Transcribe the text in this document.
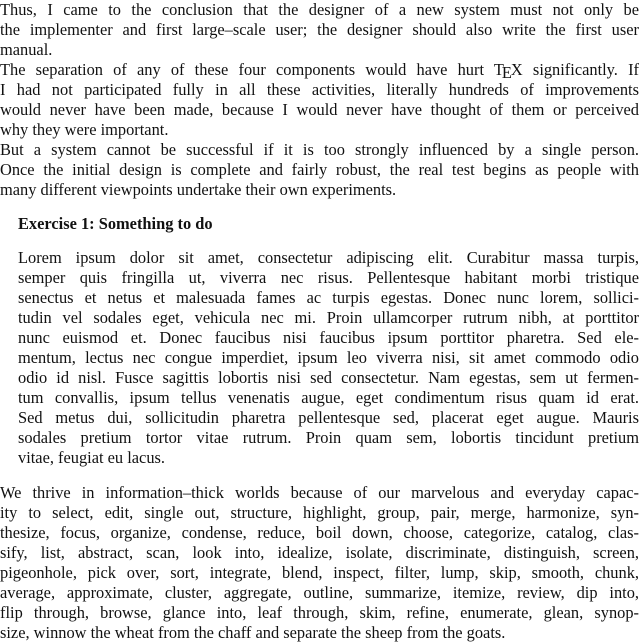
Thus, I came to the conclusion that the designer of a new system must not only be
the implementer and first large–scale user; the designer should also write the first user
manual.
The separation of any of these four components would have hurt TEX significantly. If
I had not participated fully in all these activities, literally hundreds of improvements
would never have been made, because I would never have thought of them or perceived
why they were important.
But a system cannot be successful if it is too strongly influenced by a single person.
Once the initial design is complete and fairly robust, the real test begins as people with
many different viewpoints undertake their own experiments.
Exercise 1: Something to do
Lorem ipsum dolor sit amet, consectetur adipiscing elit. Curabitur massa turpis,
semper quis fringilla ut, viverra nec risus. Pellentesque habitant morbi tristique
senectus et netus et malesuada fames ac turpis egestas. Donec nunc lorem, sollici-
tudin vel sodales eget, vehicula nec mi. Proin ullamcorper rutrum nibh, at porttitor
nunc euismod et. Donec faucibus nisi faucibus ipsum porttitor pharetra. Sed ele-
mentum, lectus nec congue imperdiet, ipsum leo viverra nisi, sit amet commodo odio
odio id nisl. Fusce sagittis lobortis nisi sed consectetur. Nam egestas, sem ut fermen-
tum convallis, ipsum tellus venenatis augue, eget condimentum risus quam id erat.
Sed metus dui, sollicitudin pharetra pellentesque sed, placerat eget augue. Mauris
sodales pretium tortor vitae rutrum. Proin quam sem, lobortis tincidunt pretium
vitae, feugiat eu lacus.
We thrive in information–thick worlds because of our marvelous and everyday capac-
ity to select, edit, single out, structure, highlight, group, pair, merge, harmonize, syn-
thesize, focus, organize, condense, reduce, boil down, choose, categorize, catalog, clas-
sify, list, abstract, scan, look into, idealize, isolate, discriminate, distinguish, screen,
pigeonhole, pick over, sort, integrate, blend, inspect, filter, lump, skip, smooth, chunk,
average, approximate, cluster, aggregate, outline, summarize, itemize, review, dip into,
flip through, browse, glance into, leaf through, skim, refine, enumerate, glean, synop-
size, winnow the wheat from the chaff and separate the sheep from the goats.
